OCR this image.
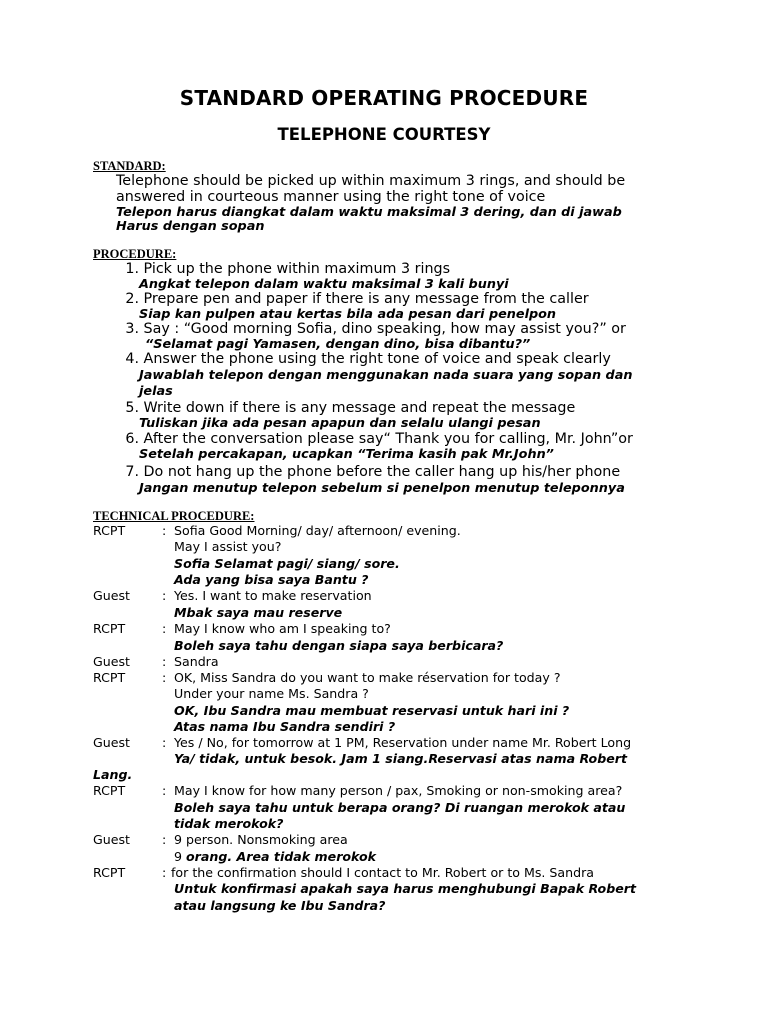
STANDARD OPERATING PROCEDURE
TELEPHONE COURTESY
STANDARD:
Telephone should be picked up within maximum 3 rings, and should be
answered in courteous manner using the right tone of voice
Telepon harus diangkat dalam waktu maksimal 3 dering, dan di jawab
Harus dengan sopan
PROCEDURE:
1. Pick up the phone within maximum 3 rings
Angkat telepon dalam waktu maksimal 3 kali bunyi
2. Prepare pen and paper if there is any message from the caller
Siap kan pulpen atau kertas bila ada pesan dari penelpon
3. Say : “Good morning Sofia, dino speaking, how may assist you?” or
“Selamat pagi Yamasen, dengan dino, bisa dibantu?”
4. Answer the phone using the right tone of voice and speak clearly
Jawablah telepon dengan menggunakan nada suara yang sopan dan
jelas
5. Write down if there is any message and repeat the message
Tuliskan jika ada pesan apapun dan selalu ulangi pesan
6. After the conversation please say“ Thank you for calling, Mr. John”or
Setelah percakapan, ucapkan “Terima kasih pak Mr.John”
7. Do not hang up the phone before the caller hang up his/her phone
Jangan menutup telepon sebelum si penelpon menutup teleponnya
TECHNICAL PROCEDURE:
RCPT	: Sofia Good Morning/ day/ afternoon/ evening.
May I assist you?
Sofia Selamat pagi/ siang/ sore.
Ada yang bisa saya Bantu ?
Guest	: Yes. I want to make reservation
Mbak saya mau reserve
RCPT	: May I know who am I speaking to?
Boleh saya tahu dengan siapa saya berbicara?
Guest	: Sandra
RCPT	: OK, Miss Sandra do you want to make réservation for today ?
Under your name Ms. Sandra ?
OK, Ibu Sandra mau membuat reservasi untuk hari ini ?
Atas nama Ibu Sandra sendiri ?
Guest	: Yes / No, for tomorrow at 1 PM, Reservation under name Mr. Robert Long
Ya/ tidak, untuk besok. Jam 1 siang.Reservasi atas nama Robert
Lang.
RCPT	: May I know for how many person / pax, Smoking or non-smoking area?
Boleh saya tahu untuk berapa orang? Di ruangan merokok atau
tidak merokok?
Guest	: 9 person. Nonsmoking area
9 orang. Area tidak merokok
RCPT	: for the confirmation should I contact to Mr. Robert or to Ms. Sandra
Untuk konfirmasi apakah saya harus menghubungi Bapak Robert
atau langsung ke Ibu Sandra?
